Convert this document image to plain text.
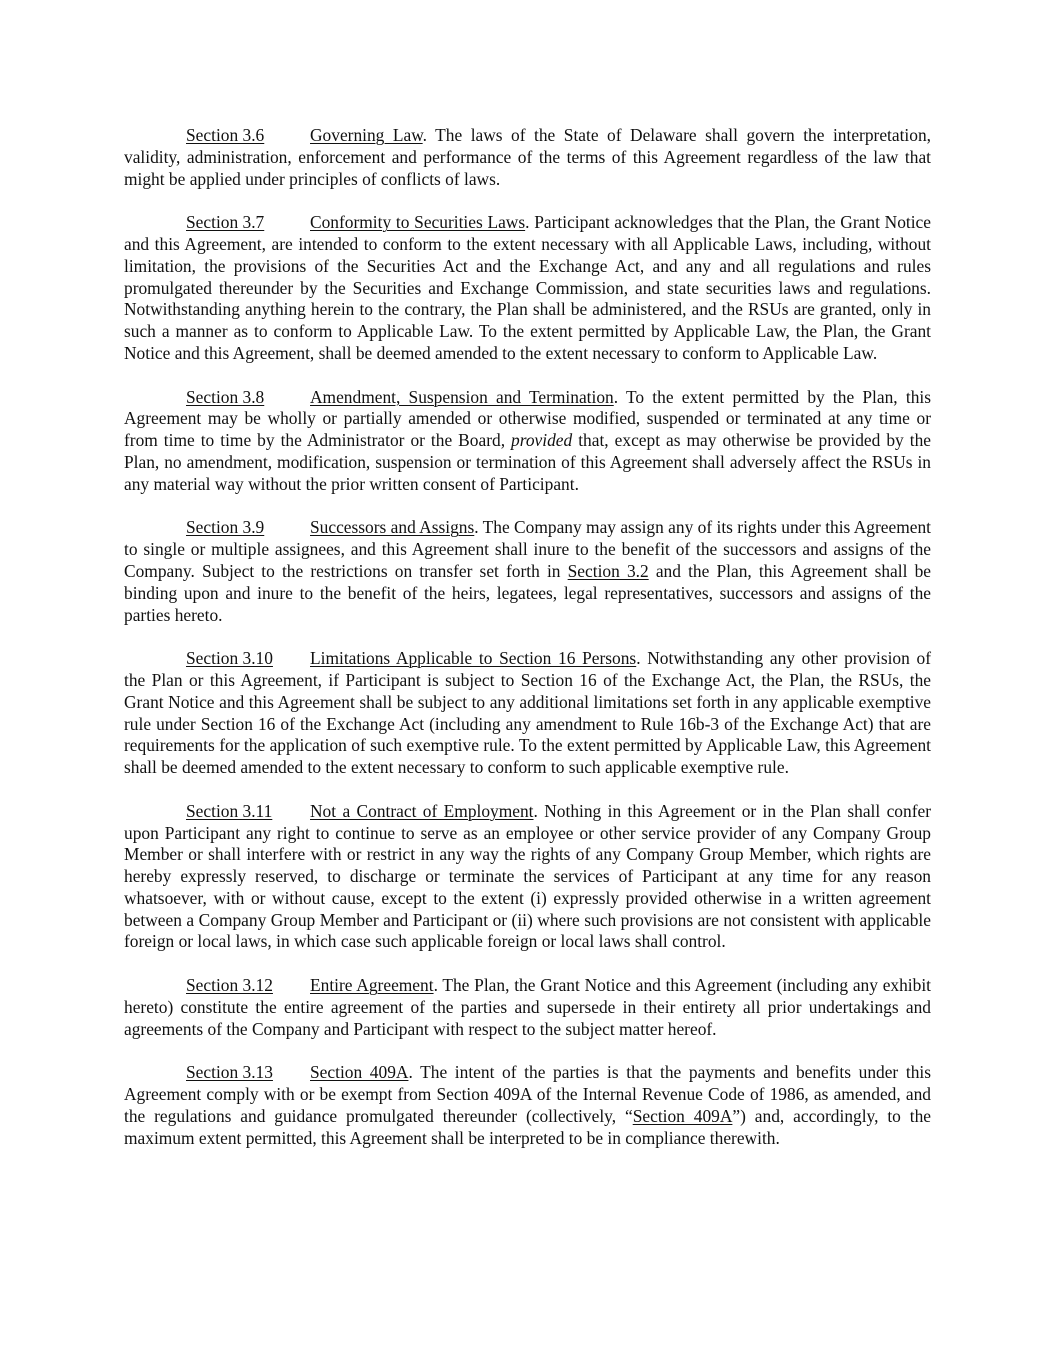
Section 3.6	Governing Law. The laws of the State of Delaware shall govern the interpretation, validity, administration, enforcement and performance of the terms of this Agreement regardless of the law that might be applied under principles of conflicts of laws.

Section 3.7	Conformity to Securities Laws. Participant acknowledges that the Plan, the Grant Notice and this Agreement, are intended to conform to the extent necessary with all Applicable Laws, including, without limitation, the provisions of the Securities Act and the Exchange Act, and any and all regulations and rules promulgated thereunder by the Securities and Exchange Commission, and state securities laws and regulations. Notwithstanding anything herein to the contrary, the Plan shall be administered, and the RSUs are granted, only in such a manner as to conform to Applicable Law. To the extent permitted by Applicable Law, the Plan, the Grant Notice and this Agreement, shall be deemed amended to the extent necessary to conform to Applicable Law.

Section 3.8	Amendment, Suspension and Termination. To the extent permitted by the Plan, this Agreement may be wholly or partially amended or otherwise modified, suspended or terminated at any time or from time to time by the Administrator or the Board, provided that, except as may otherwise be provided by the Plan, no amendment, modification, suspension or termination of this Agreement shall adversely affect the RSUs in any material way without the prior written consent of Participant.

Section 3.9	Successors and Assigns. The Company may assign any of its rights under this Agreement to single or multiple assignees, and this Agreement shall inure to the benefit of the successors and assigns of the Company. Subject to the restrictions on transfer set forth in Section 3.2 and the Plan, this Agreement shall be binding upon and inure to the benefit of the heirs, legatees, legal representatives, successors and assigns of the parties hereto.

Section 3.10 Limitations Applicable to Section 16 Persons. Notwithstanding any other provision of the Plan or this Agreement, if Participant is subject to Section 16 of the Exchange Act, the Plan, the RSUs, the Grant Notice and this Agreement shall be subject to any additional limitations set forth in any applicable exemptive rule under Section 16 of the Exchange Act (including any amendment to Rule 16b-3 of the Exchange Act) that are requirements for the application of such exemptive rule. To the extent permitted by Applicable Law, this Agreement shall be deemed amended to the extent necessary to conform to such applicable exemptive rule.

Section 3.11 Not a Contract of Employment. Nothing in this Agreement or in the Plan shall confer upon Participant any right to continue to serve as an employee or other service provider of any Company Group Member or shall interfere with or restrict in any way the rights of any Company Group Member, which rights are hereby expressly reserved, to discharge or terminate the services of Participant at any time for any reason whatsoever, with or without cause, except to the extent (i) expressly provided otherwise in a written agreement between a Company Group Member and Participant or (ii) where such provisions are not consistent with applicable foreign or local laws, in which case such applicable foreign or local laws shall control.

Section 3.12 Entire Agreement. The Plan, the Grant Notice and this Agreement (including any exhibit hereto) constitute the entire agreement of the parties and supersede in their entirety all prior undertakings and agreements of the Company and Participant with respect to the subject matter hereof.

Section 3.13 Section 409A. The intent of the parties is that the payments and benefits under this Agreement comply with or be exempt from Section 409A of the Internal Revenue Code of 1986, as amended, and the regulations and guidance promulgated thereunder (collectively, “Section 409A”) and, accordingly, to the maximum extent permitted, this Agreement shall be interpreted to be in compliance therewith.
